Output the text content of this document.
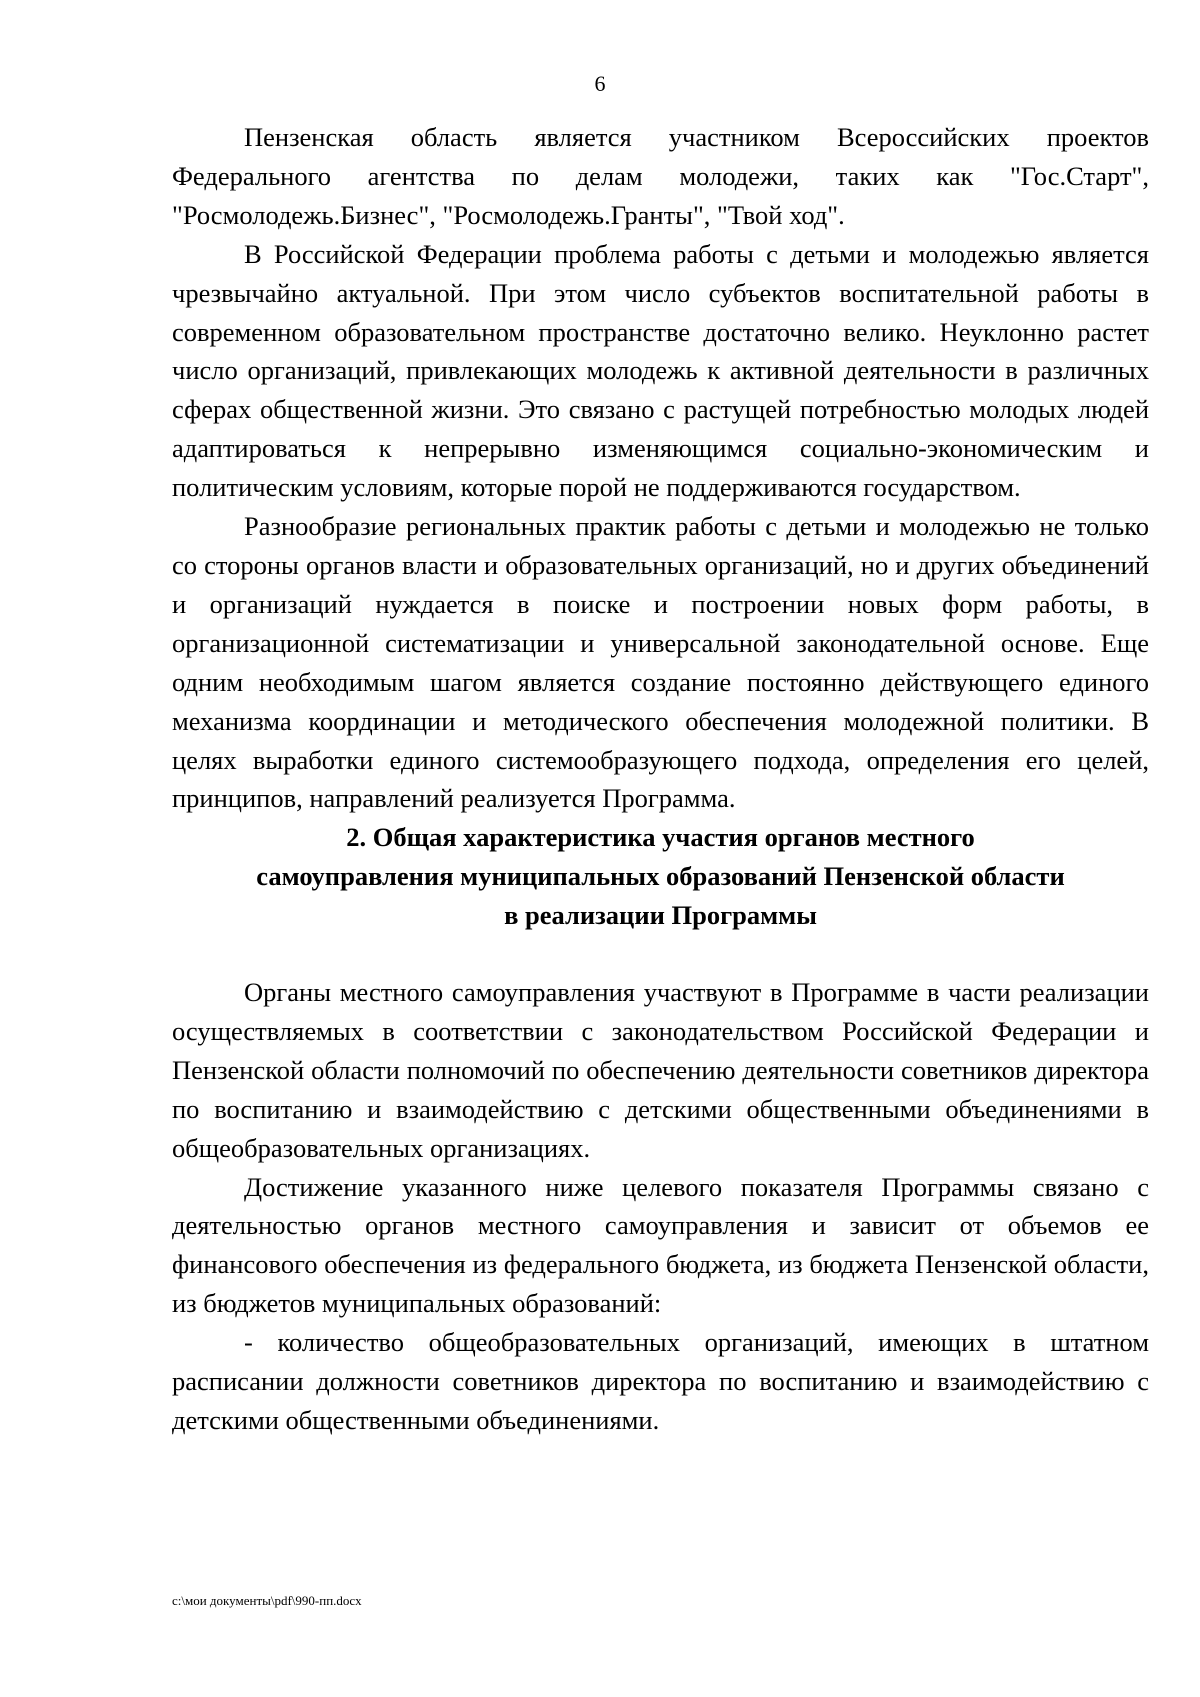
6

Пензенская область является участником Всероссийских проектов Федерального агентства по делам молодежи, таких как "Гос.Старт", "Росмолодежь.Бизнес", "Росмолодежь.Гранты", "Твой ход".

В Российской Федерации проблема работы с детьми и молодежью является чрезвычайно актуальной. При этом число субъектов воспитательной работы в современном образовательном пространстве достаточно велико. Неуклонно растет число организаций, привлекающих молодежь к активной деятельности в различных сферах общественной жизни. Это связано с растущей потребностью молодых людей адаптироваться к непрерывно изменяющимся социально-экономическим и политическим условиям, которые порой не поддерживаются государством.

Разнообразие региональных практик работы с детьми и молодежью не только со стороны органов власти и образовательных организаций, но и других объединений и организаций нуждается в поиске и построении новых форм работы, в организационной систематизации и универсальной законодательной основе. Еще одним необходимым шагом является создание постоянно действующего единого механизма координации и методического обеспечения молодежной политики. В целях выработки единого системообразующего подхода, определения его целей, принципов, направлений реализуется Программа.

2. Общая характеристика участия органов местного

самоуправления муниципальных образований Пензенской области

в реализации Программы

Органы местного самоуправления участвуют в Программе в части реализации осуществляемых в соответствии с законодательством Российской Федерации и Пензенской области полномочий по обеспечению деятельности советников директора по воспитанию и взаимодействию с детскими общественными объединениями в общеобразовательных организациях.

Достижение указанного ниже целевого показателя Программы связано с деятельностью органов местного самоуправления и зависит от объемов ее финансового обеспечения из федерального бюджета, из бюджета Пензенской области, из бюджетов муниципальных образований:

- количество общеобразовательных организаций, имеющих в штатном расписании должности советников директора по воспитанию и взаимодействию с детскими общественными объединениями.

c:\мои документы\pdf\990-пп.docx
